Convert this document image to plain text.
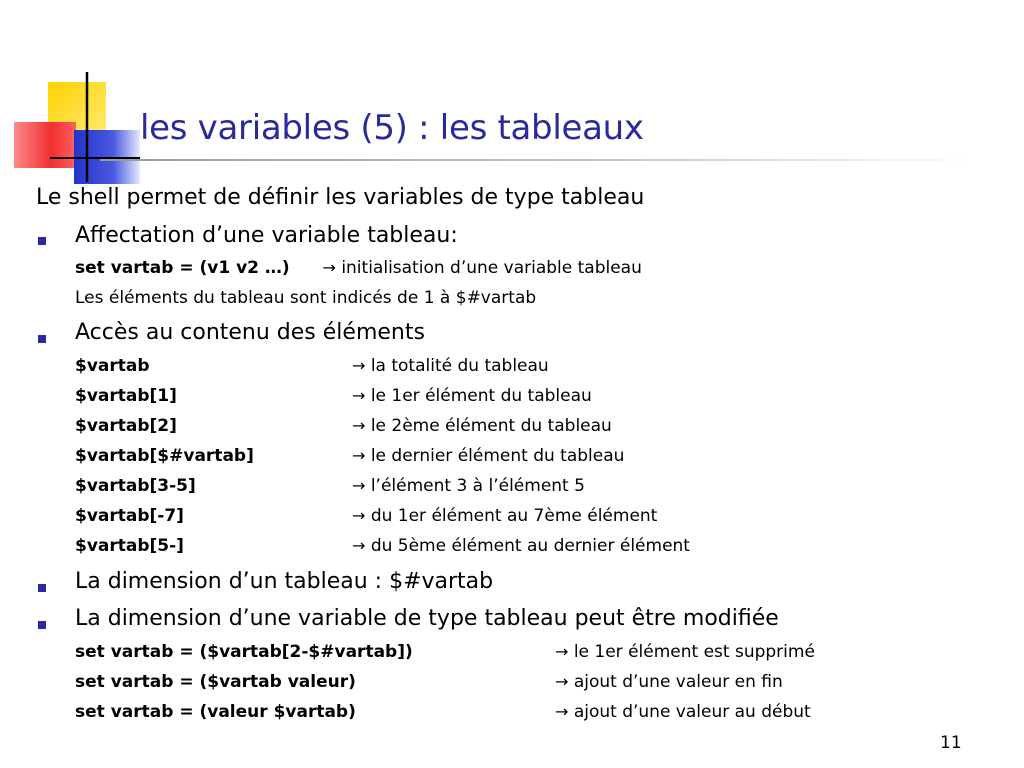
les variables (5) : les tableaux
Le shell permet de définir les variables de type tableau
Affectation d’une variable tableau:
set vartab = (v1 v2 …) → initialisation d’une variable tableau
Les éléments du tableau sont indicés de 1 à $#vartab
Accès au contenu des éléments
$vartab	→ la totalité du tableau
$vartab[1]	→ le 1er élément du tableau
$vartab[2]	→ le 2ème élément du tableau
$vartab[$#vartab]	→ le dernier élément du tableau
$vartab[3-5]	→ l’élément 3 à l’élément 5
$vartab[-7]	→ du 1er élément au 7ème élément
$vartab[5-]	→ du 5ème élément au dernier élément
La dimension d’un tableau : $#vartab
La dimension d’une variable de type tableau peut être modifiée
set vartab = ($vartab[2-$#vartab])	→ le 1er élément est supprimé
set vartab = ($vartab valeur)	→ ajout d’une valeur en fin
set vartab = (valeur $vartab)	→ ajout d’une valeur au début
11
